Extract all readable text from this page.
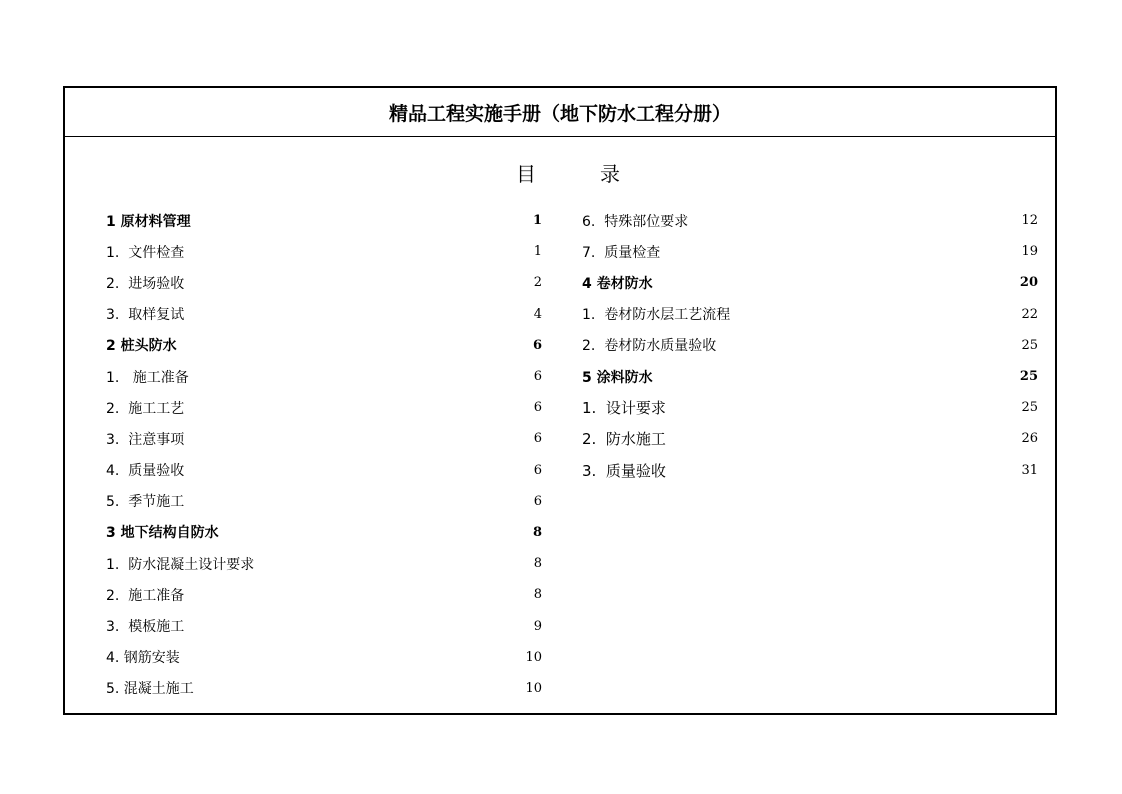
精品工程实施手册（地下防水工程分册）
目	录
1 原材料管理	1
1.  文件检查	1
2.  进场验收	2
3.  取样复试	4
2 桩头防水	6
1.   施工准备	6
2.  施工工艺	6
3.  注意事项	6
4.  质量验收	6
5.  季节施工	6
3 地下结构自防水	8
1.  防水混凝土设计要求	8
2.  施工准备	8
3.  模板施工	9
4. 钢筋安装	10
5. 混凝土施工	10
6.  特殊部位要求	12
7.  质量检查	19
4 卷材防水	20
1.  卷材防水层工艺流程	22
2.  卷材防水质量验收	25
5 涂料防水	25
1.  设计要求	25
2.  防水施工	26
3.  质量验收	31
